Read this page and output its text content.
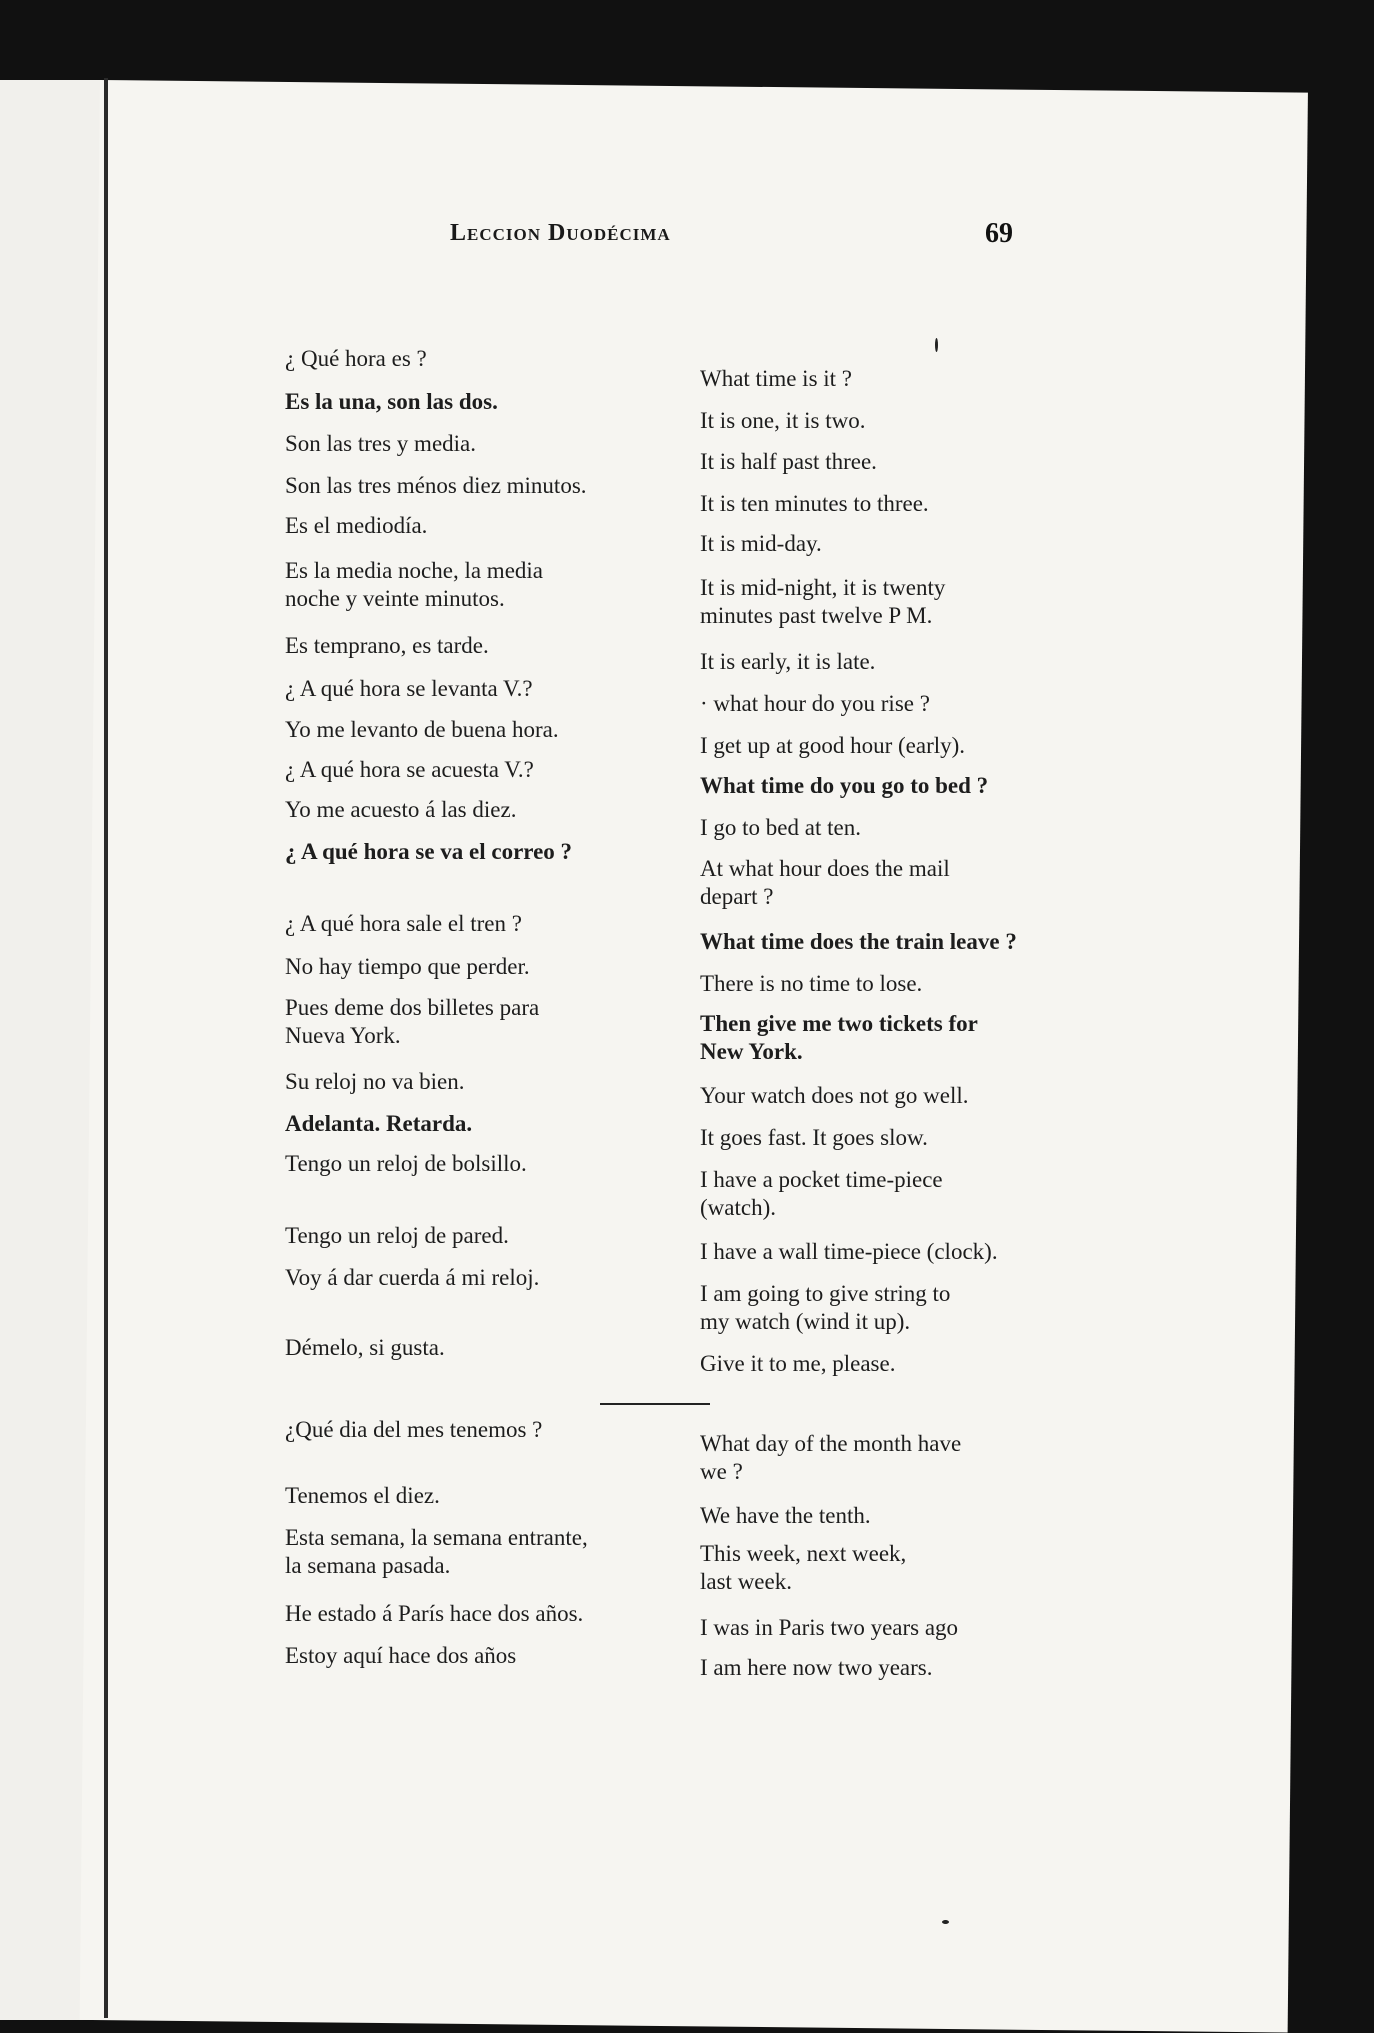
Leccion Duodécima	69
¿ Qué hora es ?
Es la una, son las dos.
Son las tres y media.
Son las tres ménos diez minutos.
Es el mediodía.
Es la media noche, la media
noche y veinte minutos.
Es temprano, es tarde.
¿ A qué hora se levanta V.?
Yo me levanto de buena hora.
¿ A qué hora se acuesta V.?
Yo me acuesto á las diez.
¿ A qué hora se va el correo ?
¿ A qué hora sale el tren ?
No hay tiempo que perder.
Pues deme dos billetes para
Nueva York.
Su reloj no va bien.
Adelanta. Retarda.
Tengo un reloj de bolsillo.
Tengo un reloj de pared.
Voy á dar cuerda á mi reloj.
Démelo, si gusta.
¿Qué dia del mes tenemos ?
Tenemos el diez.
Esta semana, la semana entrante,
la semana pasada.
He estado á París hace dos años.
Estoy aquí hace dos años
What time is it ?
It is one, it is two.
It is half past three.
It is ten minutes to three.
It is mid-day.
It is mid-night, it is twenty
minutes past twelve P M.
It is early, it is late.
· what hour do you rise ?
I get up at good hour (early).
What time do you go to bed ?
I go to bed at ten.
At what hour does the mail
depart ?
What time does the train leave ?
There is no time to lose.
Then give me two tickets for
New York.
Your watch does not go well.
It goes fast. It goes slow.
I have a pocket time-piece
(watch).
I have a wall time-piece (clock).
I am going to give string to
my watch (wind it up).
Give it to me, please.
What day of the month have
we ?
We have the tenth.
This week, next week,
last week.
I was in Paris two years ago
I am here now two years.
